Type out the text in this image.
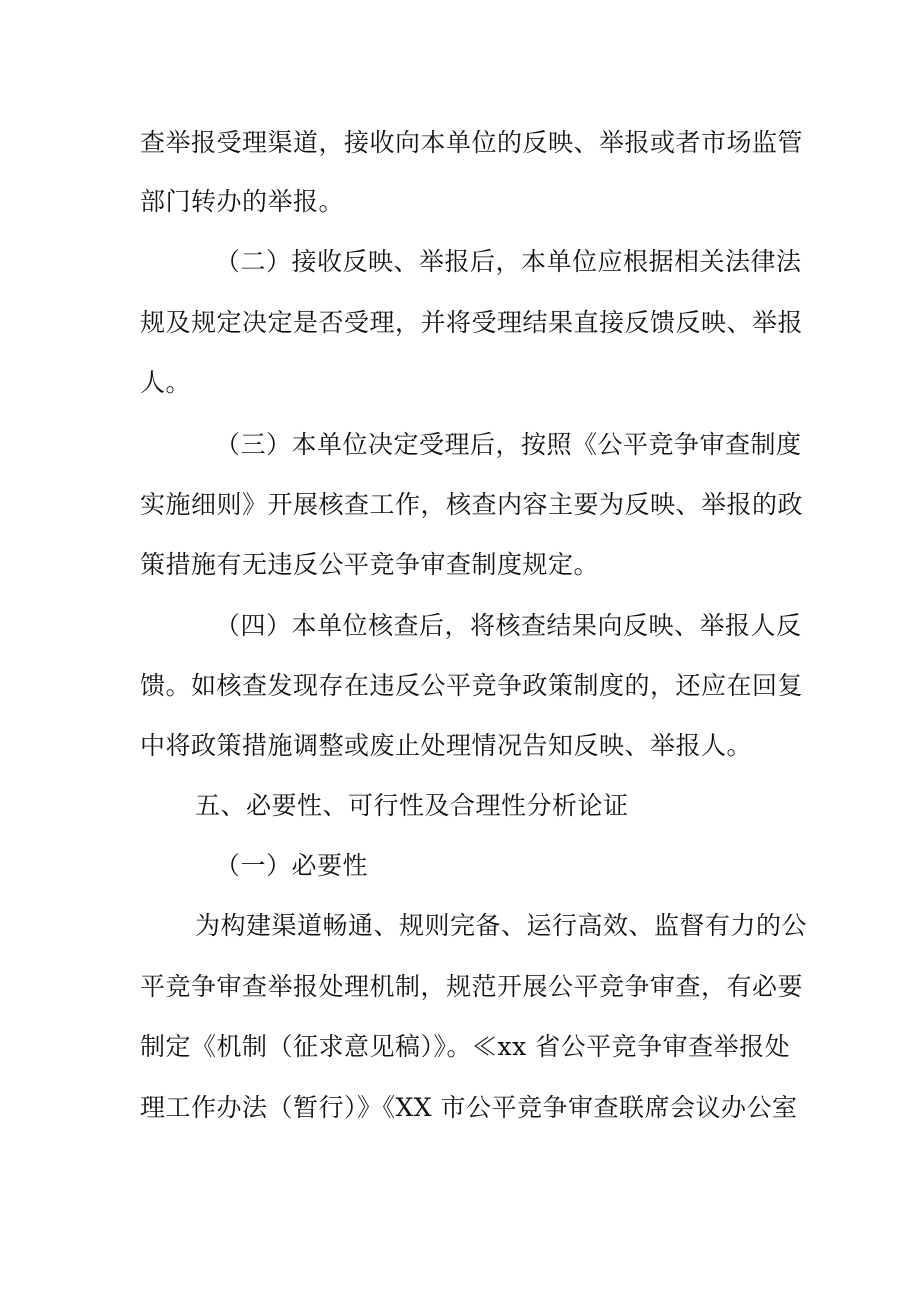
查举报受理渠道，接收向本单位的反映、举报或者市场监管
部门转办的举报。
（二）接收反映、举报后，本单位应根据相关法律法
规及规定决定是否受理，并将受理结果直接反馈反映、举报
人。
（三）本单位决定受理后，按照《公平竞争审查制度
实施细则》开展核查工作，核查内容主要为反映、举报的政
策措施有无违反公平竞争审查制度规定。
（四）本单位核查后，将核查结果向反映、举报人反
馈。如核查发现存在违反公平竞争政策制度的，还应在回复
中将政策措施调整或废止处理情况告知反映、举报人。
五、必要性、可行性及合理性分析论证
（一）必要性
为构建渠道畅通、规则完备、运行高效、监督有力的公
平竞争审查举报处理机制，规范开展公平竞争审查，有必要
制定《机制（征求意见稿）》。≪xx 省公平竞争审查举报处
理工作办法（暂行）》《XX 市公平竞争审查联席会议办公室
